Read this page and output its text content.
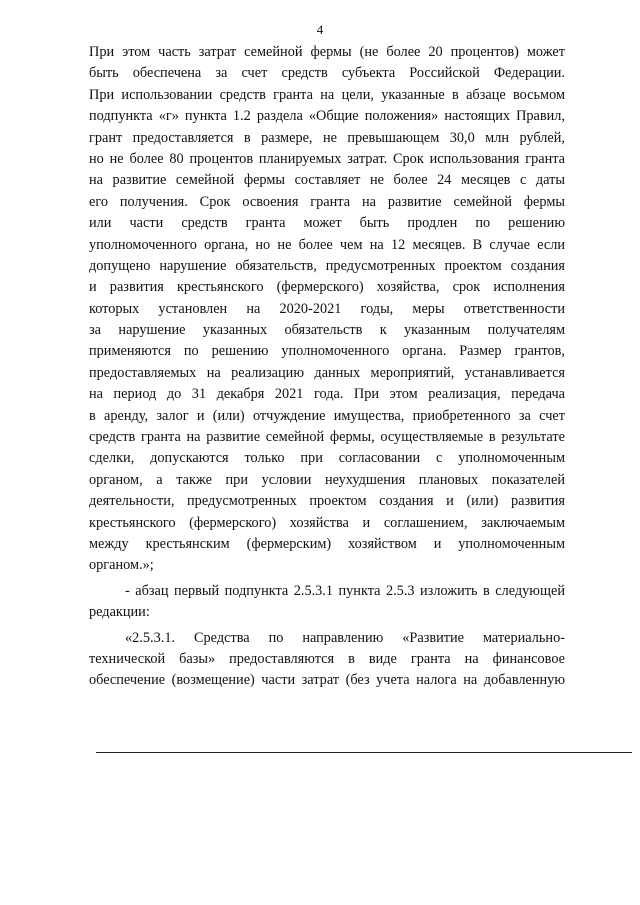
4
При этом часть затрат семейной фермы (не более 20 процентов) может
быть обеспечена за счет средств субъекта Российской Федерации.
При использовании средств гранта на цели, указанные в абзаце восьмом
подпункта «г» пункта 1.2 раздела «Общие положения» настоящих Правил,
грант предоставляется в размере, не превышающем 30,0 млн рублей,
но не более 80 процентов планируемых затрат. Срок использования гранта
на развитие семейной фермы составляет не более 24 месяцев с даты
его получения. Срок освоения гранта на развитие семейной фермы
или части средств гранта может быть продлен по решению
уполномоченного органа, но не более чем на 12 месяцев. В случае если
допущено нарушение обязательств, предусмотренных проектом создания
и развития крестьянского (фермерского) хозяйства, срок исполнения
которых установлен на 2020-2021 годы, меры ответственности
за нарушение указанных обязательств к указанным получателям
применяются по решению уполномоченного органа. Размер грантов,
предоставляемых на реализацию данных мероприятий, устанавливается
на период до 31 декабря 2021 года. При этом реализация, передача
в аренду, залог и (или) отчуждение имущества, приобретенного за счет
средств гранта на развитие семейной фермы, осуществляемые в результате
сделки, допускаются только при согласовании с уполномоченным
органом, а также при условии неухудшения плановых показателей
деятельности, предусмотренных проектом создания и (или) развития
крестьянского (фермерского) хозяйства и соглашением, заключаемым
между крестьянским (фермерским) хозяйством и уполномоченным
органом.»;
- абзац первый подпункта 2.5.3.1 пункта 2.5.3 изложить в следующей
редакции:
«2.5.3.1. Средства по направлению «Развитие материально-
технической базы» предоставляются в виде гранта на финансовое
обеспечение (возмещение) части затрат (без учета налога на добавленную
